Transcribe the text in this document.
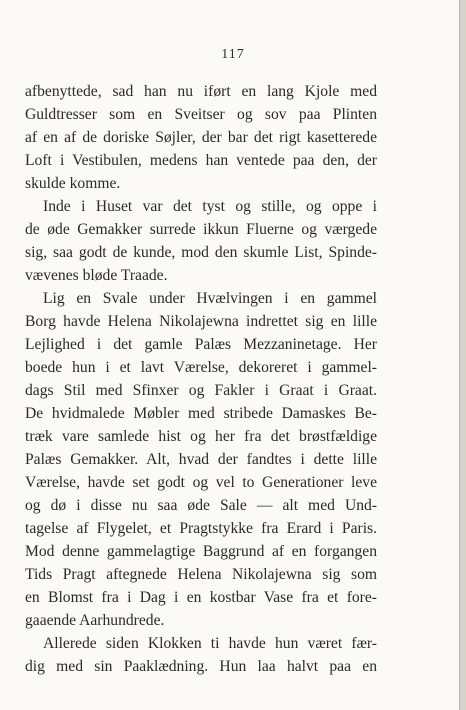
117
afbenyttede, sad han nu iført en lang Kjole med
Guldtresser som en Sveitser og sov paa Plinten
af en af de doriske Søjler, der bar det rigt kasetterede
Loft i Vestibulen, medens han ventede paa den, der
skulde komme.
Inde i Huset var det tyst og stille, og oppe i
de øde Gemakker surrede ikkun Fluerne og værgede
sig, saa godt de kunde, mod den skumle List, Spinde-
vævenes bløde Traade.
Lig en Svale under Hvælvingen i en gammel
Borg havde Helena Nikolajewna indrettet sig en lille
Lejlighed i det gamle Palæs Mezzaninetage. Her
boede hun i et lavt Værelse, dekoreret i gammel-
dags Stil med Sfinxer og Fakler i Graat i Graat.
De hvidmalede Møbler med stribede Damaskes Be-
træk vare samlede hist og her fra det brøstfældige
Palæs Gemakker. Alt, hvad der fandtes i dette lille
Værelse, havde set godt og vel to Generationer leve
og dø i disse nu saa øde Sale — alt med Und-
tagelse af Flygelet, et Pragtstykke fra Erard i Paris.
Mod denne gammelagtige Baggrund af en forgangen
Tids Pragt aftegnede Helena Nikolajewna sig som
en Blomst fra i Dag i en kostbar Vase fra et fore-
gaaende Aarhundrede.
Allerede siden Klokken ti havde hun været fær-
dig med sin Paaklædning. Hun laa halvt paa en
